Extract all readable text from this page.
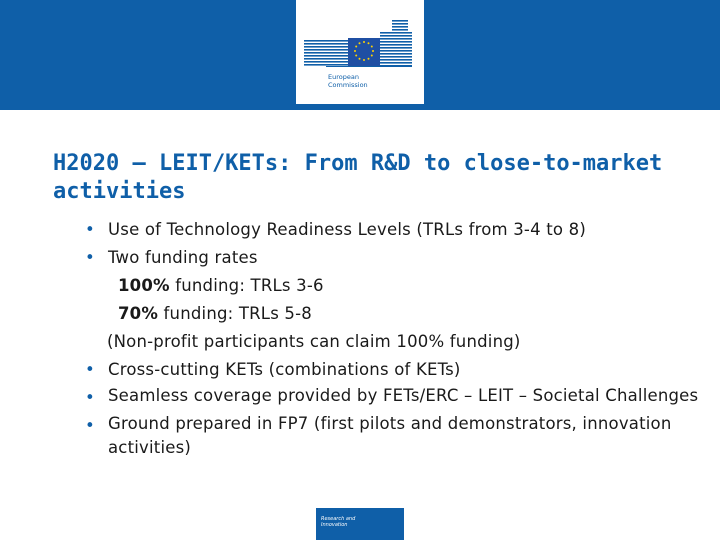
European
Commission
H2020 – LEIT/KETs: From R&D to close-to-market activities
• Use of Technology Readiness Levels (TRLs from 3-4 to 8)
• Two funding rates
100% funding: TRLs 3-6
70% funding: TRLs 5-8
(Non-profit participants can claim 100% funding)
• Cross-cutting KETs (combinations of KETs)
• Seamless coverage provided by FETs/ERC – LEIT – Societal Challenges
• Ground prepared in FP7 (first pilots and demonstrators, innovation activities)
Research and
Innovation
